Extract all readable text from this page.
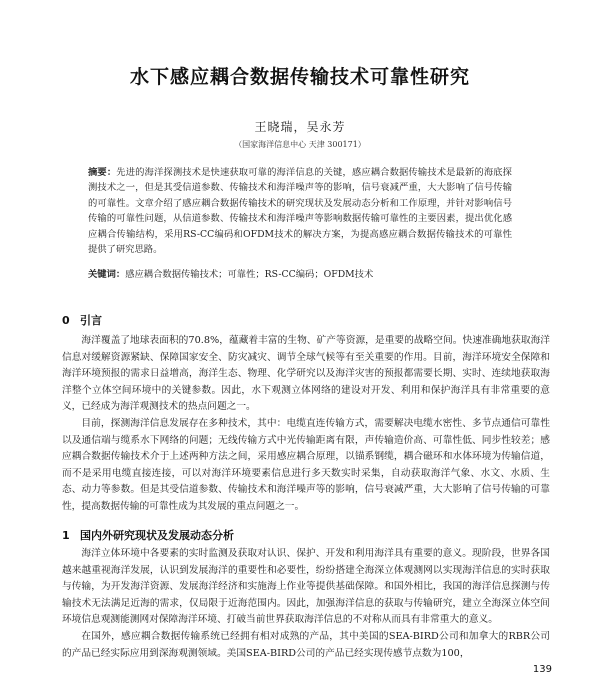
水下感应耦合数据传输技术可靠性研究
王晓瑞，吴永芳
（国家海洋信息中心 天津 300171）
摘要：先进的海洋探测技术是快速获取可靠的海洋信息的关键，感应耦合数据传输技术是最新的海底探测技术之一，但是其受信道参数、传输技术和海洋噪声等的影响，信号衰减严重，大大影响了信号传输的可靠性。文章介绍了感应耦合数据传输技术的研究现状及发展动态分析和工作原理，并针对影响信号传输的可靠性问题，从信道参数、传输技术和海洋噪声等影响数据传输可靠性的主要因素，提出优化感应耦合传输结构，采用RS-CC编码和OFDM技术的解决方案，为提高感应耦合数据传输技术的可靠性提供了研究思路。
关键词：感应耦合数据传输技术；可靠性；RS-CC编码；OFDM技术
0 引言

海洋覆盖了地球表面积的70.8%，蕴藏着丰富的生物、矿产等资源，是重要的战略空间。快速准确地获取海洋信息对缓解资源紧缺、保障国家安全、防灾减灾、调节全球气候等有至关重要的作用。目前，海洋环境安全保障和海洋环境预报的需求日益增高，海洋生态、物理、化学研究以及海洋灾害的预报都需要长期、实时、连续地获取海洋整个立体空间环境中的关键参数。因此，水下观测立体网络的建设对开发、利用和保护海洋具有非常重要的意义，已经成为海洋观测技术的热点问题之一。

目前，探测海洋信息发展存在多种技术，其中：电缆直连传输方式，需要解决电缆水密性、多节点通信可靠性以及通信端与缆系水下网络的问题；无线传输方式中光传输距离有限，声传输造价高、可靠性低、同步性较差；感应耦合数据传输技术介于上述两种方法之间，采用感应耦合原理，以锚系钢缆，耦合磁环和水体环境为传输信道，而不是采用电缆直接连接，可以对海洋环境要素信息进行多天数实时采集，自动获取海洋气象、水文、水质、生态、动力等参数。但是其受信道参数、传输技术和海洋噪声等的影响，信号衰减严重，大大影响了信号传输的可靠性，提高数据传输的可靠性成为其发展的重点问题之一。

1 国内外研究现状及发展动态分析

海洋立体环境中各要素的实时监测及获取对认识、保护、开发和利用海洋具有重要的意义。现阶段，世界各国越来越重视海洋发展，认识到发展海洋的重要性和必要性，纷纷搭建全海深立体观测网以实现海洋信息的实时获取与传输，为开发海洋资源、发展海洋经济和实施海上作业等提供基础保障。和国外相比，我国的海洋信息探测与传输技术无法满足近海的需求，仅局限于近海范围内。因此，加强海洋信息的获取与传输研究，建立全海深立体空间环境信息观测能测网对保障海洋环境、打破当前世界获取海洋信息的不对称从而具有非常重大的意义。

在国外，感应耦合数据传输系统已经拥有相对成熟的产品，其中美国的SEA-BIRD公司和加拿大的RBR公司的产品已经实际应用到深海观测领域。美国SEA-BIRD公司的产品已经实现传感节点数为100，

139
